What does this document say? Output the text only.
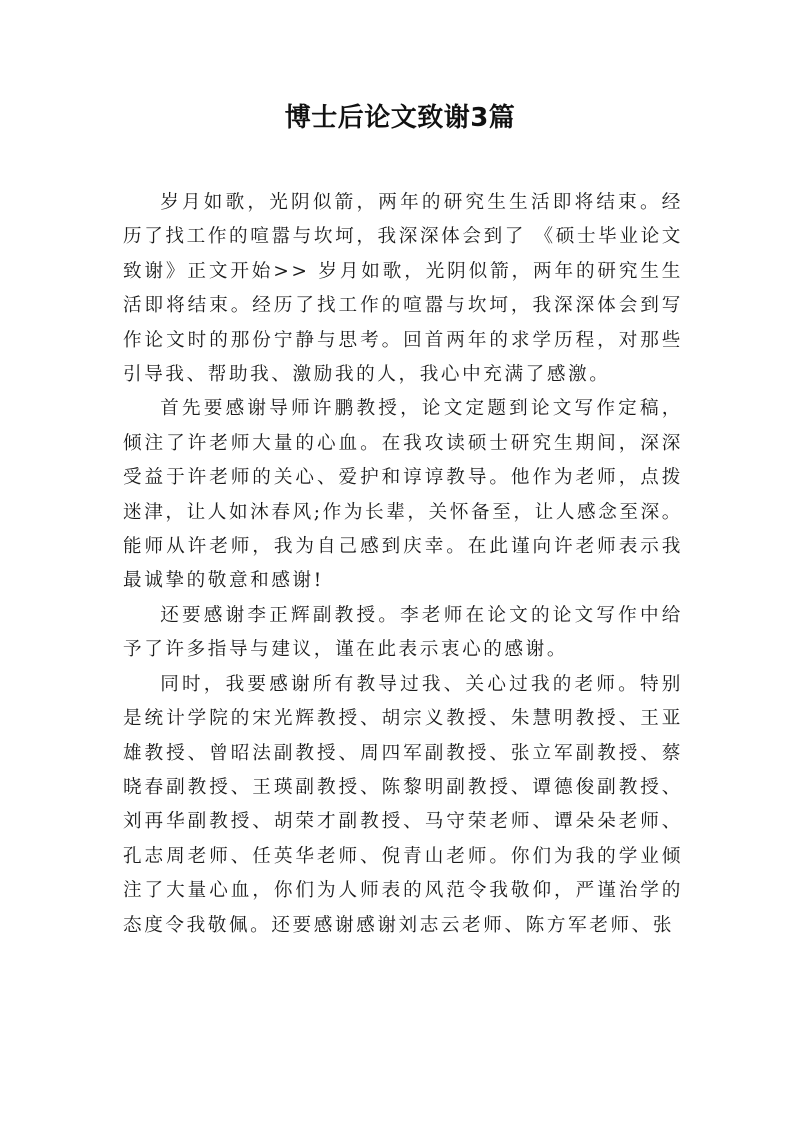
博士后论文致谢3篇

岁月如歌，光阴似箭，两年的研究生生活即将结束。经历了找工作的喧嚣与坎坷，我深深体会到了 《硕士毕业论文致谢》正文开始>> 岁月如歌，光阴似箭，两年的研究生生活即将结束。经历了找工作的喧嚣与坎坷，我深深体会到写作论文时的那份宁静与思考。回首两年的求学历程，对那些引导我、帮助我、激励我的人，我心中充满了感激。

首先要感谢导师许鹏教授，论文定题到论文写作定稿，倾注了许老师大量的心血。在我攻读硕士研究生期间，深深受益于许老师的关心、爱护和谆谆教导。他作为老师，点拨迷津，让人如沐春风;作为长辈，关怀备至，让人感念至深。能师从许老师，我为自己感到庆幸。在此谨向许老师表示我最诚挚的敬意和感谢!

还要感谢李正辉副教授。李老师在论文的论文写作中给予了许多指导与建议，谨在此表示衷心的感谢。

同时，我要感谢所有教导过我、关心过我的老师。特别是统计学院的宋光辉教授、胡宗义教授、朱慧明教授、王亚雄教授、曾昭法副教授、周四军副教授、张立军副教授、蔡晓春副教授、王瑛副教授、陈黎明副教授、谭德俊副教授、刘再华副教授、胡荣才副教授、马守荣老师、谭朵朵老师、孔志周老师、任英华老师、倪青山老师。你们为我的学业倾注了大量心血，你们为人师表的风范令我敬仰，严谨治学的态度令我敬佩。还要感谢感谢刘志云老师、陈方军老师、张
